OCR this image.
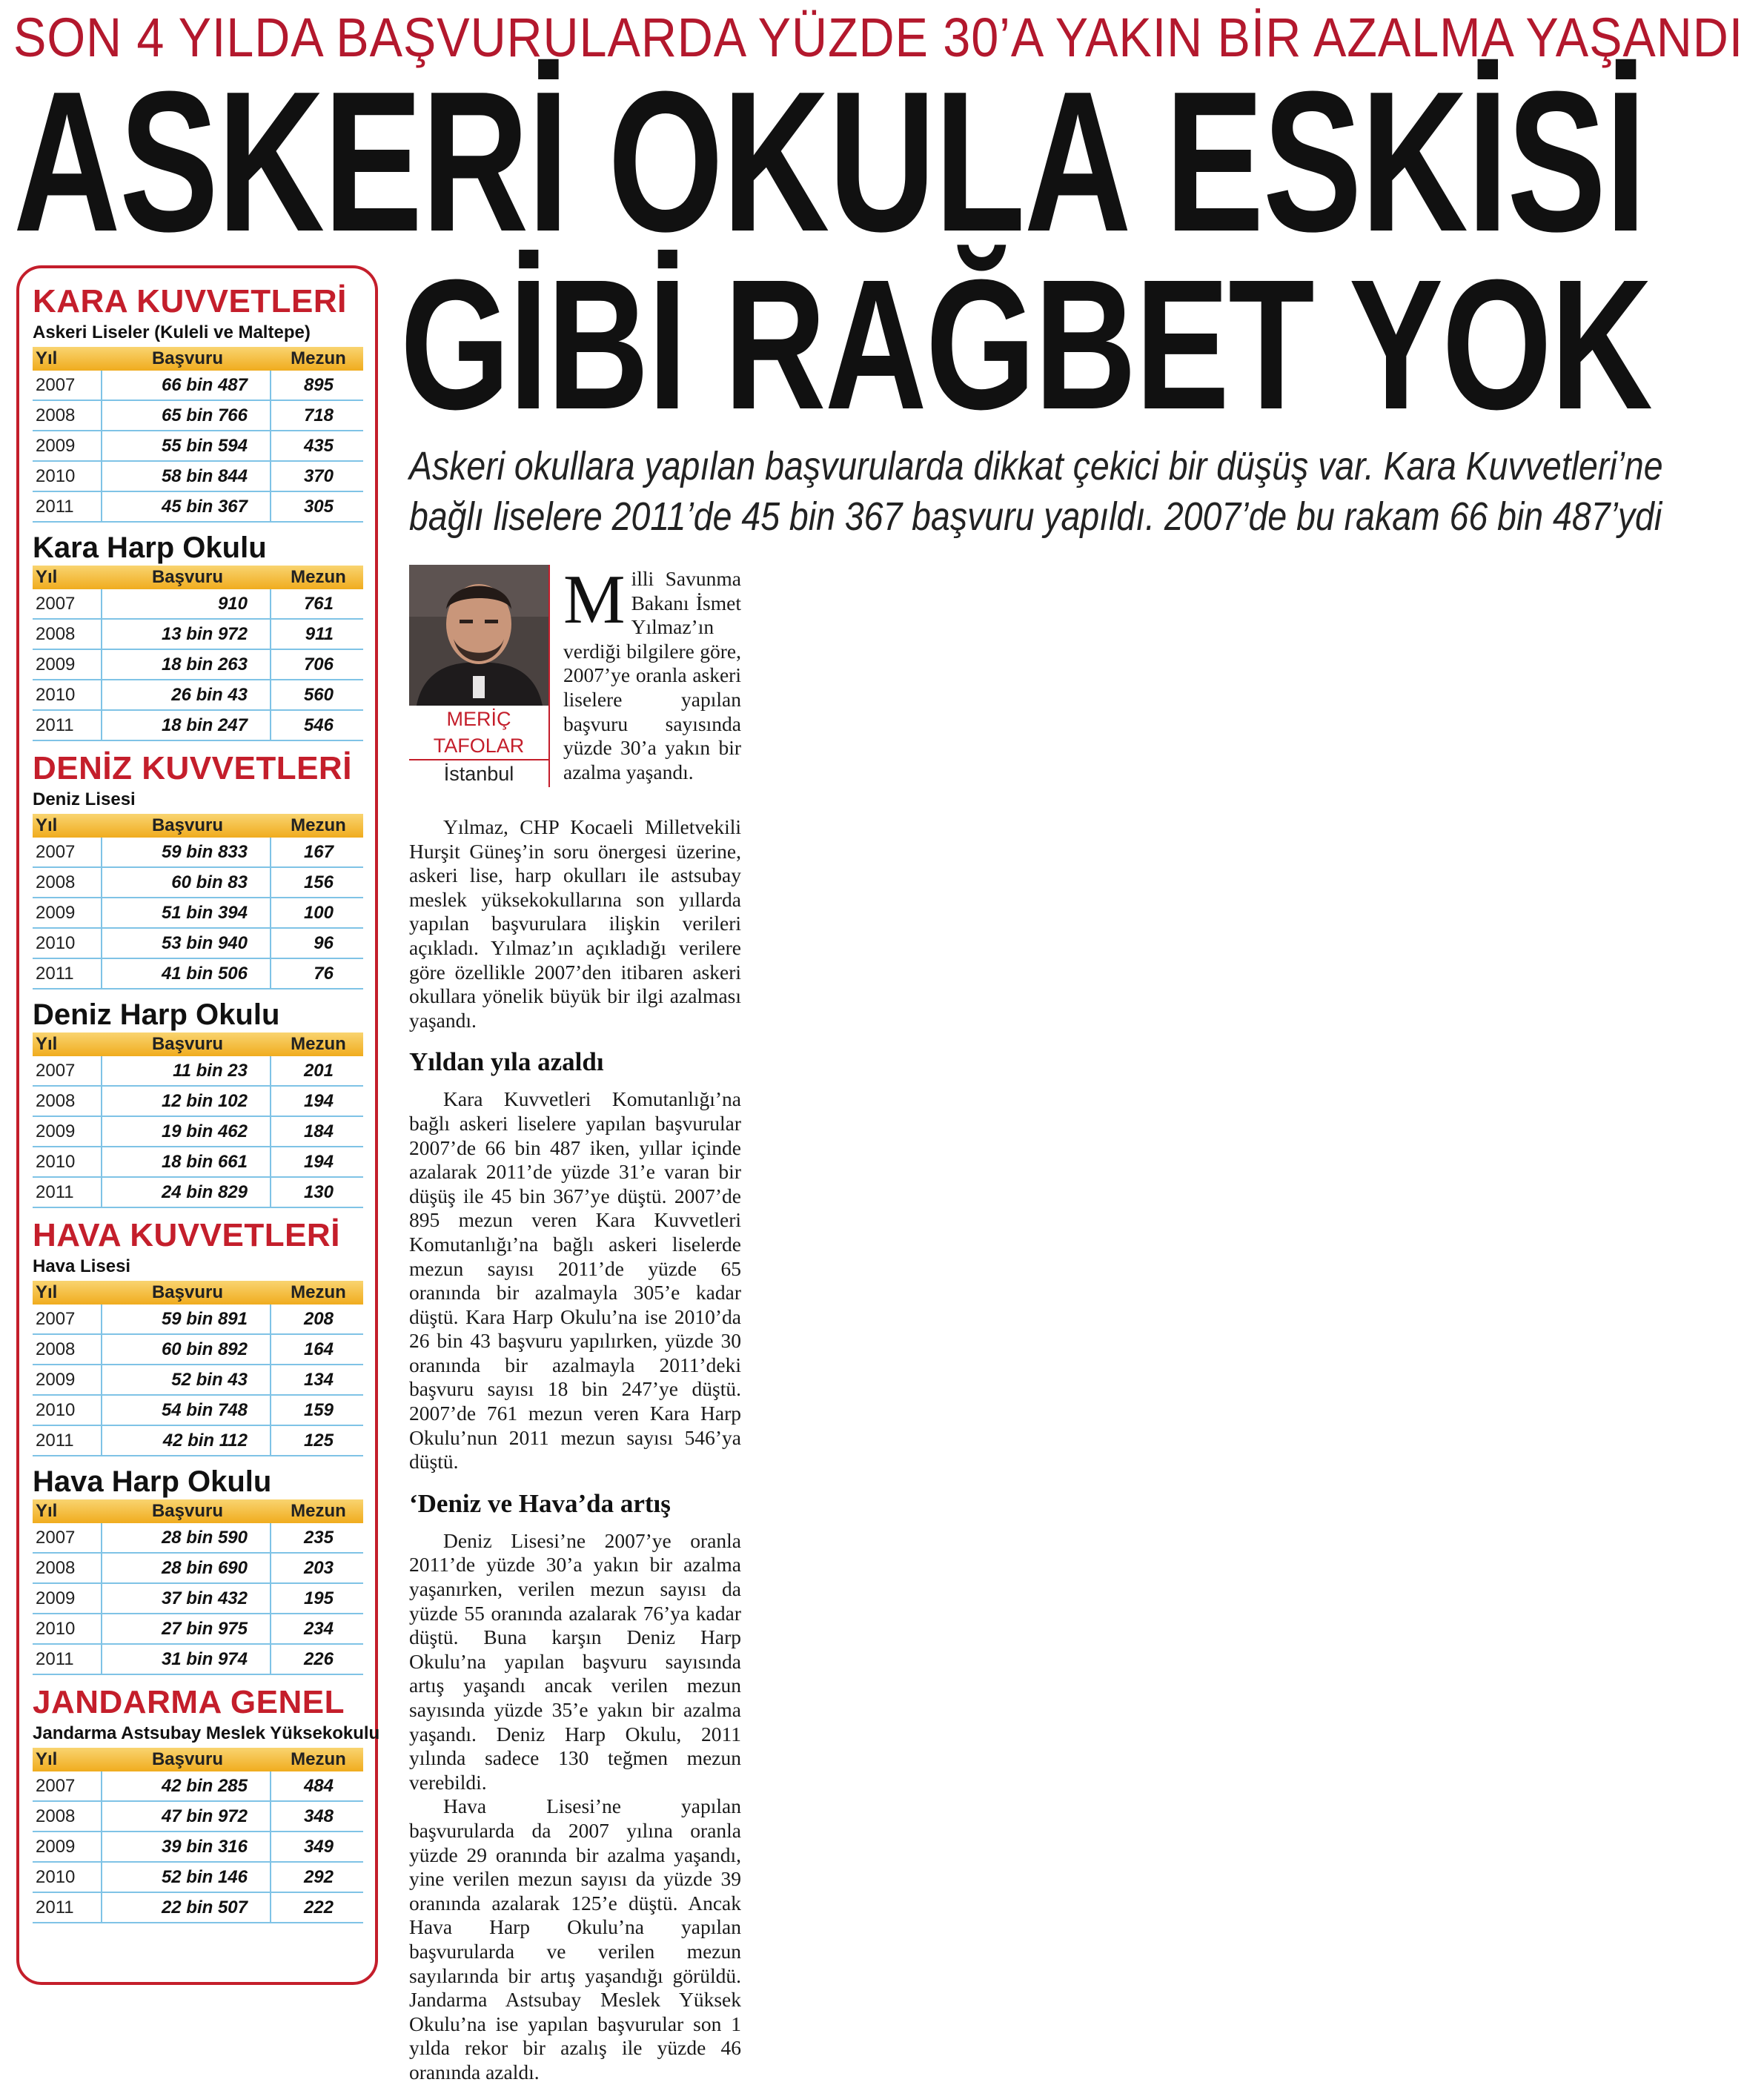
SON 4 YILDA BAŞVURULARDA YÜZDE 30’A YAKIN BİR AZALMA YAŞANDI
ASKERİ OKULA ESKİSİ
GİBİ RAĞBET YOK
KARA KUVVETLERİ
Askeri Liseler (Kuleli ve Maltepe)
Yıl	Başvuru	Mezun
2007	66 bin 487	895
2008	65 bin 766	718
2009	55 bin 594	435
2010	58 bin 844	370
2011	45 bin 367	305
Kara Harp Okulu
Yıl	Başvuru	Mezun
2007	910	761
2008	13 bin 972	911
2009	18 bin 263	706
2010	26 bin 43	560
2011	18 bin 247	546
DENİZ KUVVETLERİ
Deniz Lisesi
Yıl	Başvuru	Mezun
2007	59 bin 833	167
2008	60 bin 83	156
2009	51 bin 394	100
2010	53 bin 940	96
2011	41 bin 506	76
Deniz Harp Okulu
Yıl	Başvuru	Mezun
2007	11 bin 23	201
2008	12 bin 102	194
2009	19 bin 462	184
2010	18 bin 661	194
2011	24 bin 829	130
HAVA KUVVETLERİ
Hava Lisesi
Yıl	Başvuru	Mezun
2007	59 bin 891	208
2008	60 bin 892	164
2009	52 bin 43	134
2010	54 bin 748	159
2011	42 bin 112	125
Hava Harp Okulu
Yıl	Başvuru	Mezun
2007	28 bin 590	235
2008	28 bin 690	203
2009	37 bin 432	195
2010	27 bin 975	234
2011	31 bin 974	226
JANDARMA GENEL
Jandarma Astsubay Meslek Yüksekokulu
Yıl	Başvuru	Mezun
2007	42 bin 285	484
2008	47 bin 972	348
2009	39 bin 316	349
2010	52 bin 146	292
2011	22 bin 507	222
Askeri okullara yapılan başvurularda dikkat çekici bir düşüş var. Kara Kuvvetleri’ne
bağlı liselere 2011’de 45 bin 367 başvuru yapıldı. 2007’de bu rakam 66 bin 487’ydi
MERİÇ
TAFOLAR
İstanbul

Milli Savunma Bakanı İsmet Yılmaz’ın verdiği bilgilere göre, 2007’ye oranla askeri liselere yapılan başvuru sayısında yüzde 30’a yakın bir azalma yaşandı.

Yılmaz, CHP Kocaeli Milletvekili Hurşit Güneş’in soru önergesi üzerine, askeri lise, harp okulları ile astsubay meslek yüksekokullarına son yıllarda yapılan başvurulara ilişkin verileri açıkladı. Yılmaz’ın açıkladığı verilere göre özellikle 2007’den itibaren askeri okullara yönelik büyük bir ilgi azalması yaşandı.

Yıldan yıla azaldı

Kara Kuvvetleri Komutanlığı’na bağlı askeri liselere yapılan başvurular 2007’de 66 bin 487 iken, yıllar içinde azalarak 2011’de yüzde 31’e varan bir düşüş ile 45 bin 367’ye düştü. 2007’de 895 mezun veren Kara Kuvvetleri Komutanlığı’na bağlı askeri liselerde mezun sayısı 2011’de yüzde 65 oranında bir azalmayla 305’e kadar düştü. Kara Harp Okulu’na ise 2010’da 26 bin 43 başvuru yapılırken, yüzde 30 oranında bir azalmayla 2011’deki başvuru sayısı 18 bin 247’ye düştü. 2007’de 761 mezun veren Kara Harp Okulu’nun 2011 mezun sayısı 546’ya düştü.

‘Deniz ve Hava’da artış

Deniz Lisesi’ne 2007’ye oranla 2011’de yüzde 30’a yakın bir azalma yaşanırken, verilen mezun sayısı da yüzde 55 oranında azalarak 76’ya kadar düştü. Buna karşın Deniz Harp Okulu’na yapılan başvuru sayısında artış yaşandı ancak verilen mezun sayısında yüzde 35’e yakın bir azalma yaşandı. Deniz Harp Okulu, 2011 yılında sadece 130 teğmen mezun verebildi.

Hava Lisesi’ne yapılan başvurularda da 2007 yılına oranla yüzde 29 oranında bir azalma yaşandı, yine verilen mezun sayısı da yüzde 39 oranında azalarak 125’e düştü. Ancak Hava Harp Okulu’na yapılan başvurularda ve verilen mezun sayılarında bir artış yaşandığı görüldü. Jandarma Astsubay Meslek Yüksek Okulu’na ise yapılan başvurular son 1 yılda rekor bir azalış ile yüzde 46 oranında azaldı.
